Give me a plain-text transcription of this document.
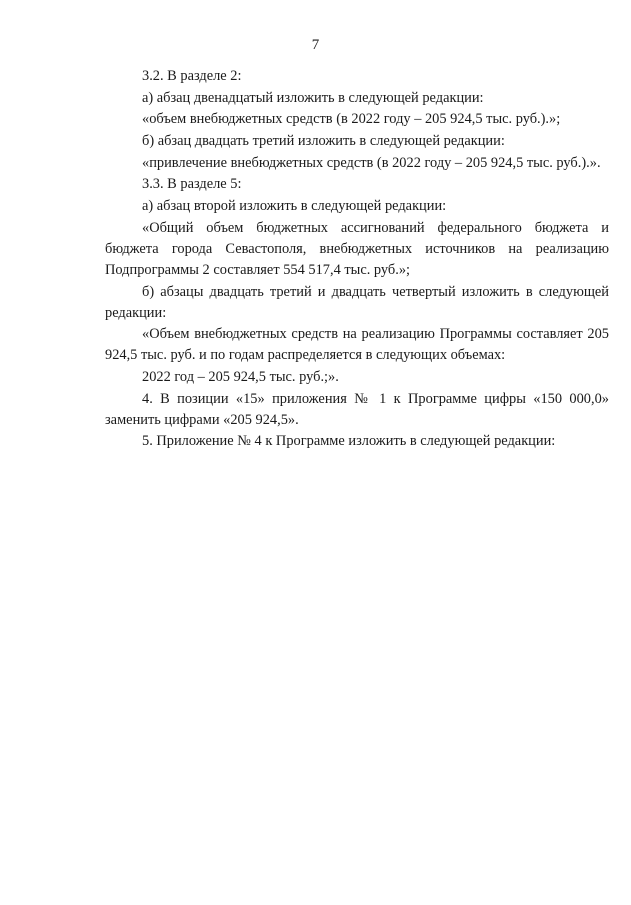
7

3.2. В разделе 2:

а) абзац двенадцатый изложить в следующей редакции:

«объем внебюджетных средств (в 2022 году – 205 924,5 тыс. руб.).»;

б) абзац двадцать третий изложить в следующей редакции:

«привлечение внебюджетных средств (в 2022 году – 205 924,5 тыс. руб.).».

3.3. В разделе 5:

а) абзац второй изложить в следующей редакции:

«Общий объем бюджетных ассигнований федерального бюджета и бюджета города Севастополя, внебюджетных источников на реализацию Подпрограммы 2 составляет 554 517,4 тыс. руб.»;

б) абзацы двадцать третий и двадцать четвертый изложить в следующей редакции:

«Объем внебюджетных средств на реализацию Программы составляет 205 924,5 тыс. руб. и по годам распределяется в следующих объемах:

2022 год – 205 924,5 тыс. руб.;».

4. В позиции «15» приложения № 1 к Программе цифры «150 000,0» заменить цифрами «205 924,5».

5. Приложение № 4 к Программе изложить в следующей редакции:
